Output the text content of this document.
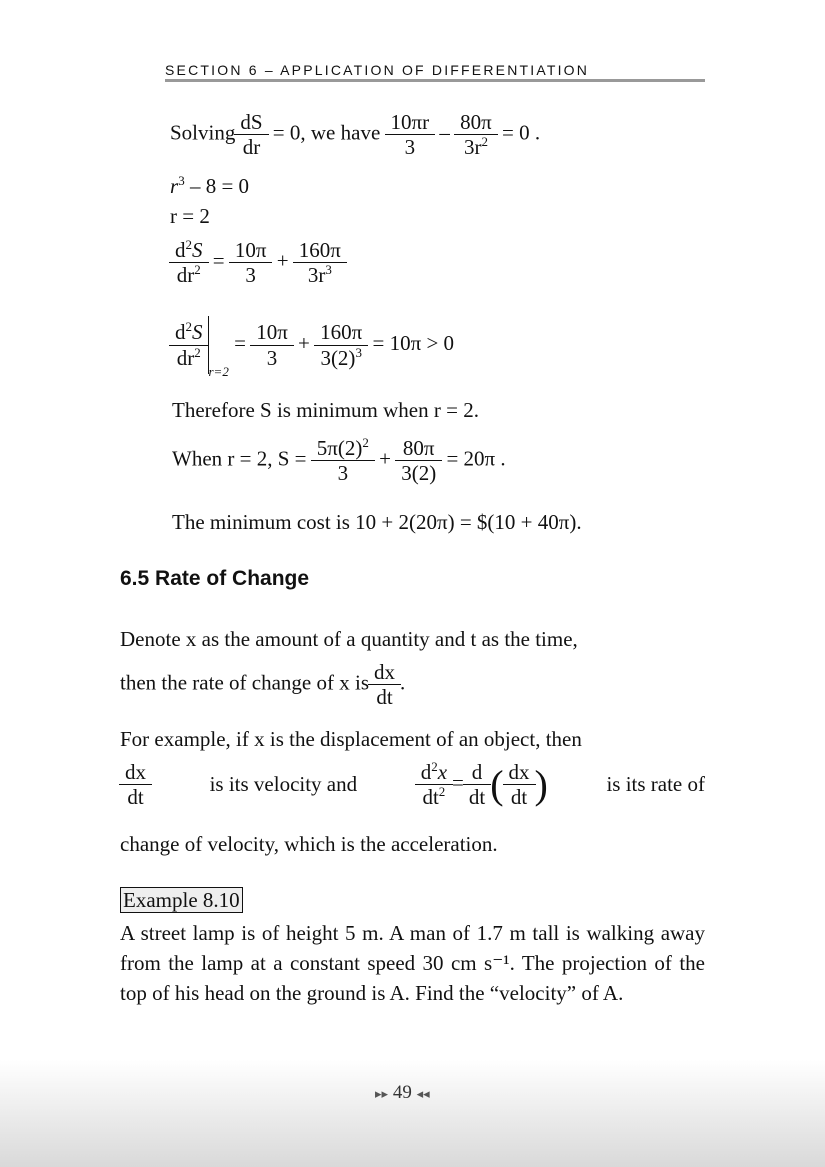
SECTION 6 – APPLICATION OF DIFFERENTIATION
Solving $\frac{dS}{dr} = 0$, we have $\frac{10\pi r}{3} - \frac{80\pi}{3r^2} = 0$ .
$r^3 - 8 = 0$
r = 2
$\frac{d^2S}{dr^2} = \frac{10\pi}{3} + \frac{160\pi}{3r^3}$
$\frac{d^2S}{dr^2}$
$_{r=2} = \frac{10\pi}{3} + \frac{160\pi}{3(2)^3} = 10\pi > 0$
Therefore S is minimum when r = 2.
When r = 2, $S = \frac{5\pi(2)^2}{3} + \frac{80\pi}{3(2)} = 20\pi$ .
The minimum cost is 10 + 2(20π) = $(10 + 40π).
6.5 Rate of Change
Denote x as the amount of a quantity and t as the time,
then the rate of change of x is $\frac{dx}{dt}$ .
For example, if x is the displacement of an object, then
$\frac{dx}{dt}$	is its velocity and	$\frac{d^2x}{dt^2} = \frac{d}{dt}$ ( $\frac{dx}{dt}$ )	is its rate of
change of velocity, which is the acceleration.
Example 8.10
A street lamp is of height 5 m. A man of 1.7 m tall is walking away from the lamp at a constant speed 30 cm s⁻¹. The projection of the top of his head on the ground is A. Find the “velocity” of A.
▸▸ 49 ◂◂
